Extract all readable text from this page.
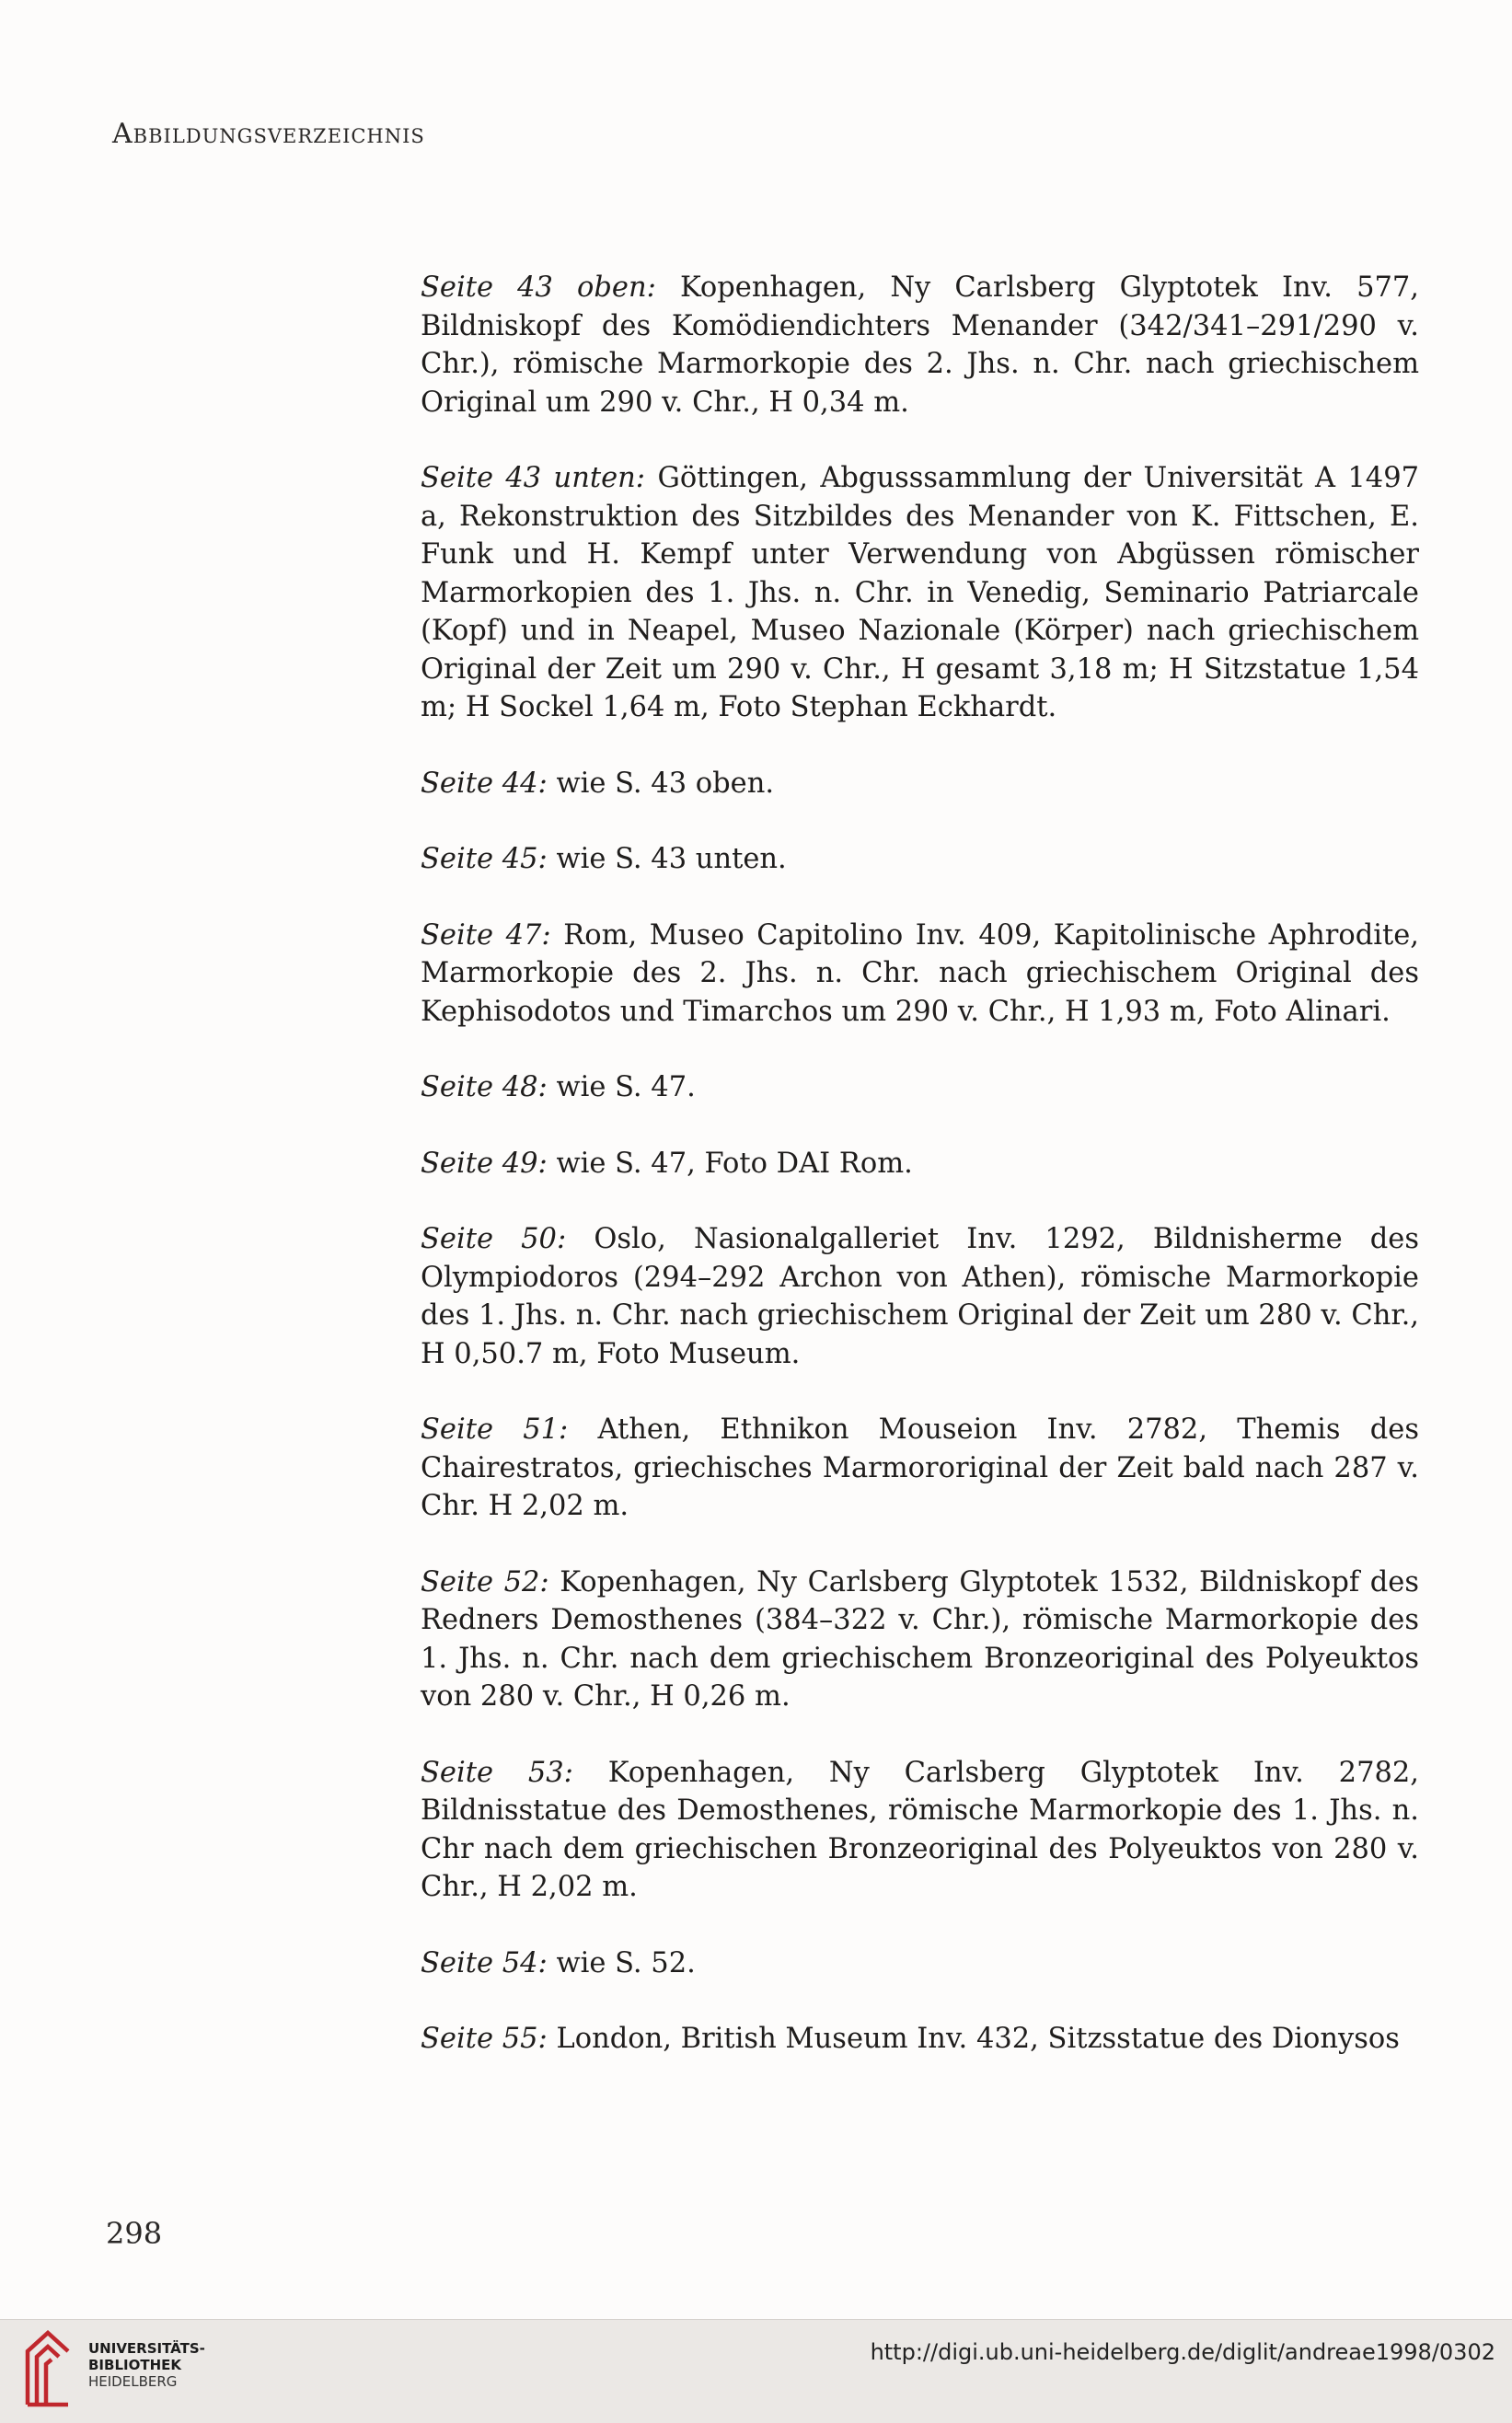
Abbildungsverzeichnis

Seite 43 oben: Kopenhagen, Ny Carlsberg Glyptotek Inv. 577, Bildniskopf des Komödiendichters Menander (342/341–291/290 v. Chr.), römische Marmorkopie des 2. Jhs. n. Chr. nach griechischem Original um 290 v. Chr., H 0,34 m.

Seite 43 unten: Göttingen, Abgusssammlung der Universität A 1497 a, Rekonstruktion des Sitzbildes des Menander von K. Fittschen, E. Funk und H. Kempf unter Verwendung von Abgüssen römischer Marmorkopien des 1. Jhs. n. Chr. in Venedig, Seminario Patriarcale (Kopf) und in Neapel, Museo Nazionale (Körper) nach griechischem Original der Zeit um 290 v. Chr., H gesamt 3,18 m; H Sitzstatue 1,54 m; H Sockel 1,64 m, Foto Stephan Eckhardt.

Seite 44: wie S. 43 oben.

Seite 45: wie S. 43 unten.

Seite 47: Rom, Museo Capitolino Inv. 409, Kapitolinische Aphrodite, Marmorkopie des 2. Jhs. n. Chr. nach griechischem Original des Kephisodotos und Timarchos um 290 v. Chr., H 1,93 m, Foto Alinari.

Seite 48: wie S. 47.

Seite 49: wie S. 47, Foto DAI Rom.

Seite 50: Oslo, Nasionalgalleriet Inv. 1292, Bildnisherme des Olympiodoros (294–292 Archon von Athen), römische Marmorkopie des 1. Jhs. n. Chr. nach griechischem Original der Zeit um 280 v. Chr., H 0,50.7 m, Foto Museum.

Seite 51: Athen, Ethnikon Mouseion Inv. 2782, Themis des Chairestratos, griechisches Marmororiginal der Zeit bald nach 287 v. Chr. H 2,02 m.

Seite 52: Kopenhagen, Ny Carlsberg Glyptotek 1532, Bildniskopf des Redners Demosthenes (384–322 v. Chr.), römische Marmorkopie des 1. Jhs. n. Chr. nach dem griechischem Bronzeoriginal des Polyeuktos von 280 v. Chr., H 0,26 m.

Seite 53: Kopenhagen, Ny Carlsberg Glyptotek Inv. 2782, Bildnisstatue des Demosthenes, römische Marmorkopie des 1. Jhs. n. Chr nach dem griechischen Bronzeoriginal des Polyeuktos von 280 v. Chr., H 2,02 m.

Seite 54: wie S. 52.

Seite 55: London, British Museum Inv. 432, Sitzsstatue des Dionysos

298
UNIVERSITÄTS-
BIBLIOTHEK
HEIDELBERG
http://digi.ub.uni-heidelberg.de/diglit/andreae1998/0302
